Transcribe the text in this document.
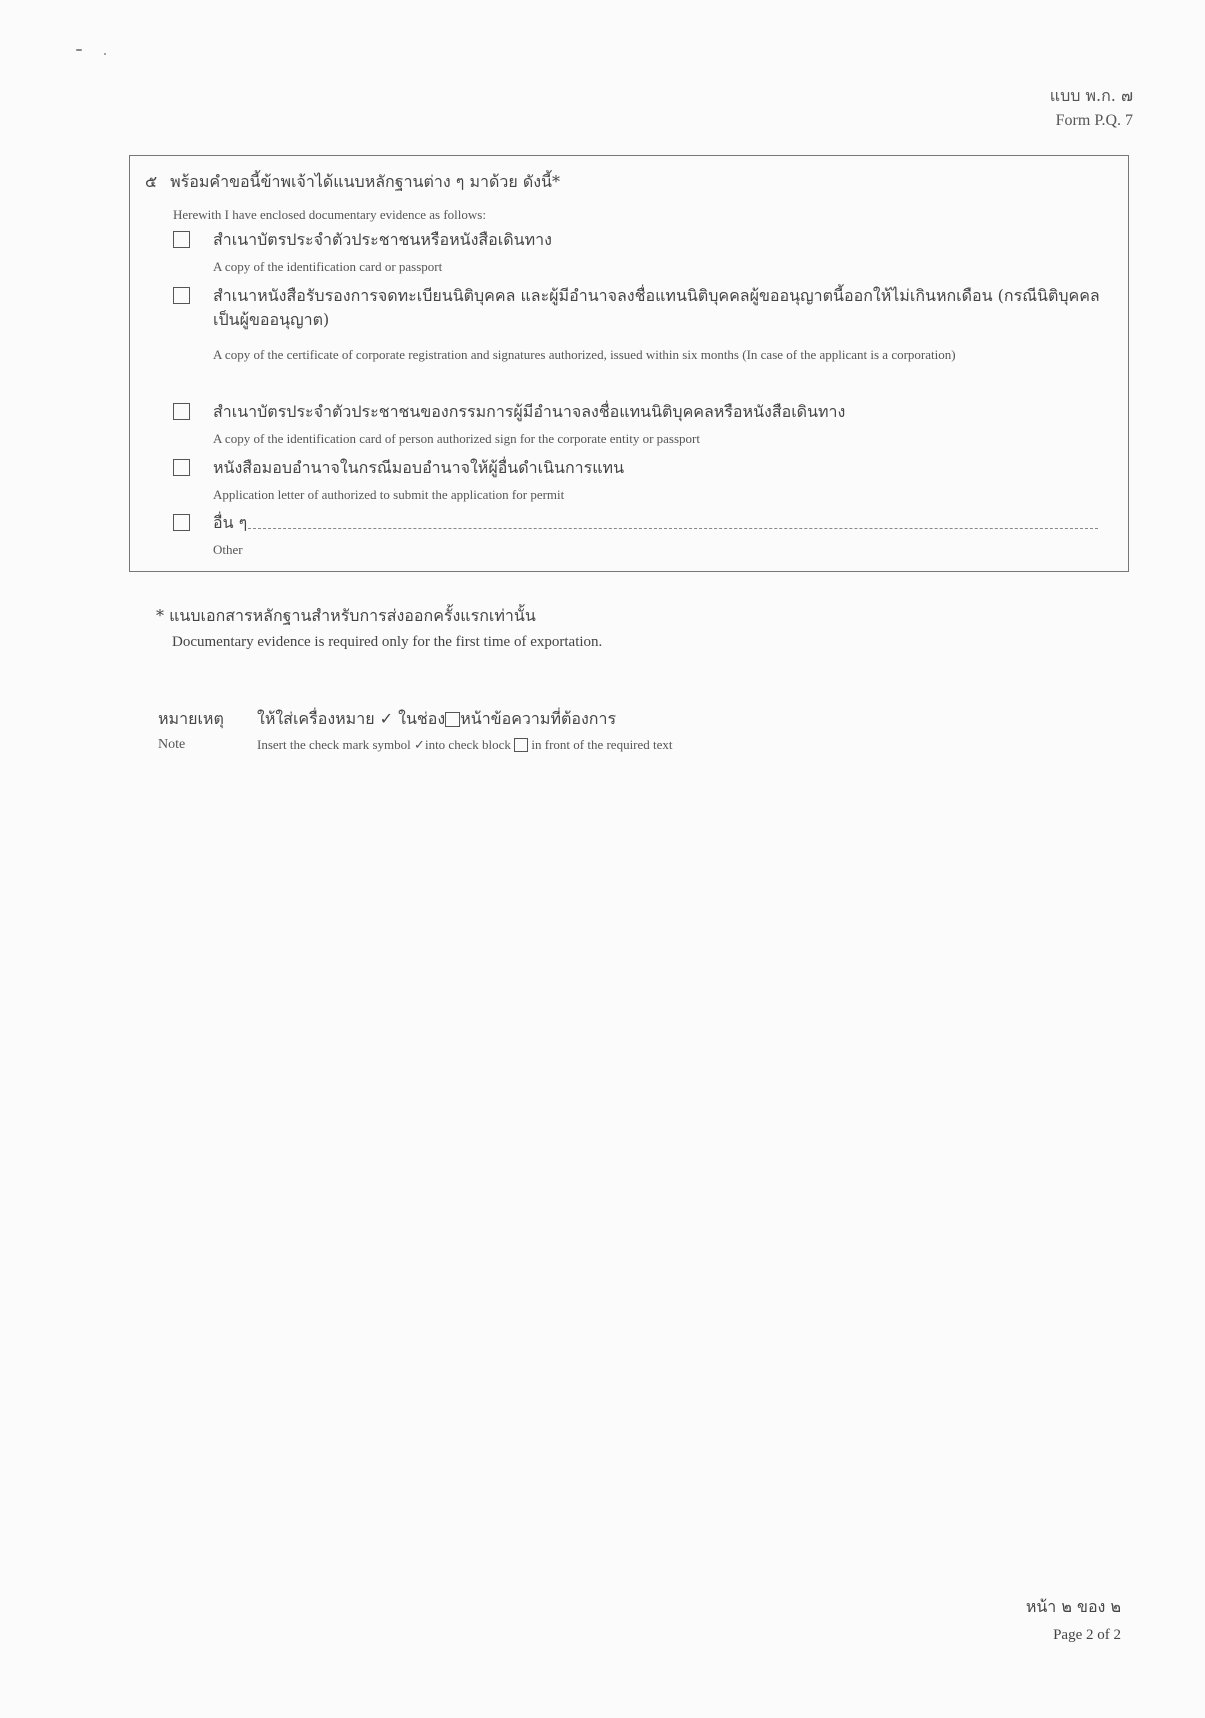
แบบ พ.ก. ๗
Form P.Q. 7
๕ พร้อมคำขอนี้ข้าพเจ้าได้แนบหลักฐานต่าง ๆ มาด้วย ดังนี้*
Herewith I have enclosed documentary evidence as follows:
สำเนาบัตรประจำตัวประชาชนหรือหนังสือเดินทาง
A copy of the identification card or passport
สำเนาหนังสือรับรองการจดทะเบียนนิติบุคคล และผู้มีอำนาจลงชื่อแทนนิติบุคคลผู้ขออนุญาตนี้ออกให้ไม่เกินหกเดือน (กรณีนิติบุคคลเป็นผู้ขออนุญาต)
A copy of the certificate of corporate registration and signatures authorized, issued within six months (In case of the applicant is a corporation)
สำเนาบัตรประจำตัวประชาชนของกรรมการผู้มีอำนาจลงชื่อแทนนิติบุคคลหรือหนังสือเดินทาง
A copy of the identification card of person authorized sign for the corporate entity or passport
หนังสือมอบอำนาจในกรณีมอบอำนาจให้ผู้อื่นดำเนินการแทน
Application letter of authorized to submit the application for permit
อื่น ๆ
Other
* แนบเอกสารหลักฐานสำหรับการส่งออกครั้งแรกเท่านั้น
Documentary evidence is required only for the first time of exportation.
หมายเหตุ
Note
ให้ใส่เครื่องหมาย ✓ ในช่อง หน้าข้อความที่ต้องการ
Insert the check mark symbol ✓into check block in front of the required text
หน้า ๒ ของ ๒
Page 2 of 2
